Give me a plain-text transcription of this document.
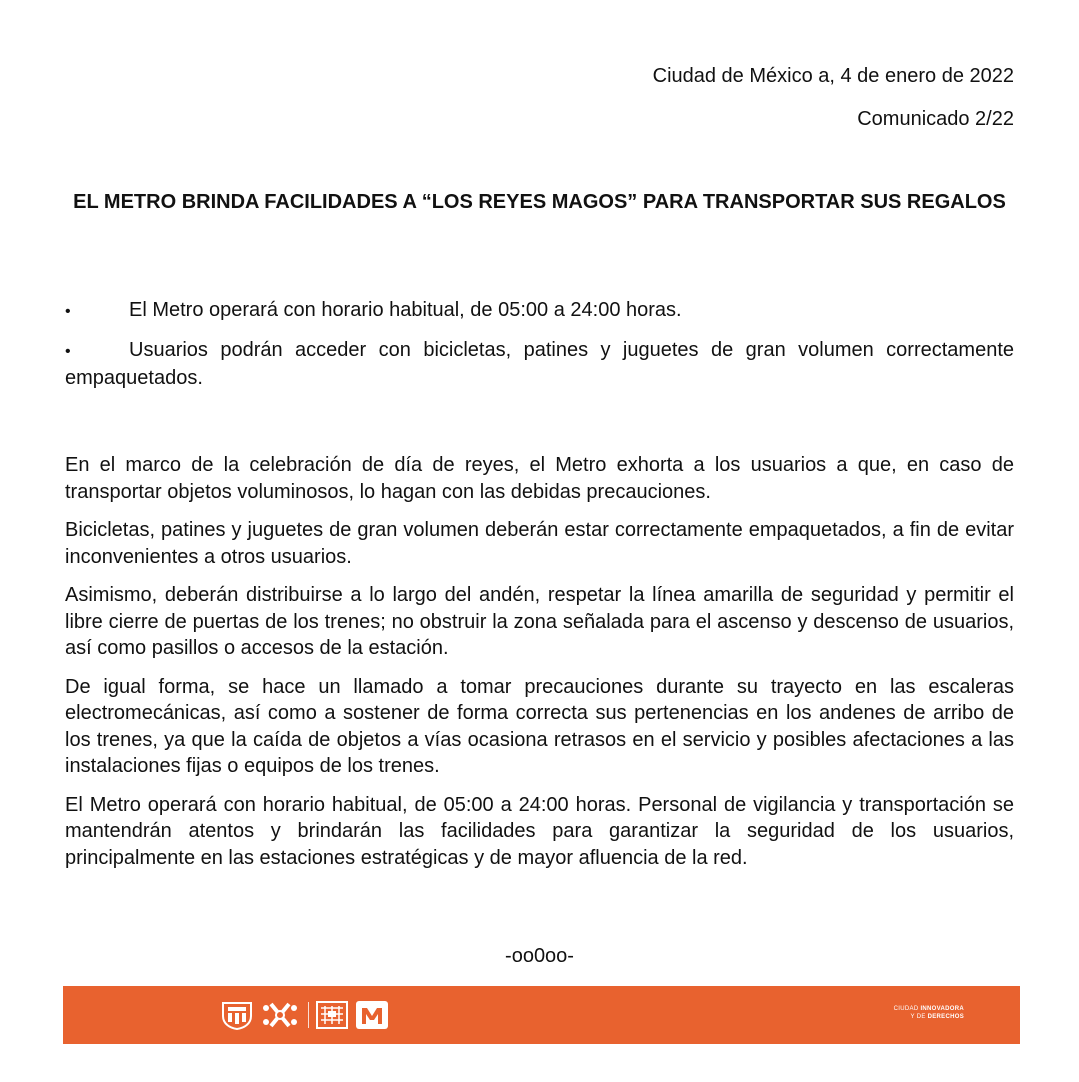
Ciudad de México a, 4 de enero de 2022
Comunicado 2/22
EL METRO BRINDA FACILIDADES A “LOS REYES MAGOS” PARA TRANSPORTAR SUS REGALOS
•	El Metro operará con horario habitual, de 05:00 a 24:00 horas.
•	Usuarios podrán acceder con bicicletas, patines y juguetes de gran volumen correctamente empaquetados.

En el marco de la celebración de día de reyes, el Metro exhorta a los usuarios a que, en caso de transportar objetos voluminosos, lo hagan con las debidas precauciones.

Bicicletas, patines y juguetes de gran volumen deberán estar correctamente empaquetados, a fin de evitar inconvenientes a otros usuarios.

Asimismo, deberán distribuirse a lo largo del andén, respetar la línea amarilla de seguridad y permitir el libre cierre de puertas de los trenes; no obstruir la zona señalada para el ascenso y descenso de usuarios, así como pasillos o accesos de la estación.

De igual forma, se hace un llamado a tomar precauciones durante su trayecto en las escaleras electromecánicas, así como a sostener de forma correcta sus pertenencias en los andenes de arribo de los trenes, ya que la caída de objetos a vías ocasiona retrasos en el servicio y posibles afectaciones a las instalaciones fijas o equipos de los trenes.

El Metro operará con horario habitual, de 05:00 a 24:00 horas. Personal de vigilancia y transportación se mantendrán atentos y brindarán las facilidades para garantizar la seguridad de los usuarios, principalmente en las estaciones estratégicas y de mayor afluencia de la red.

-oo0oo-
CIUDAD INNOVADORA
Y DE DERECHOS
